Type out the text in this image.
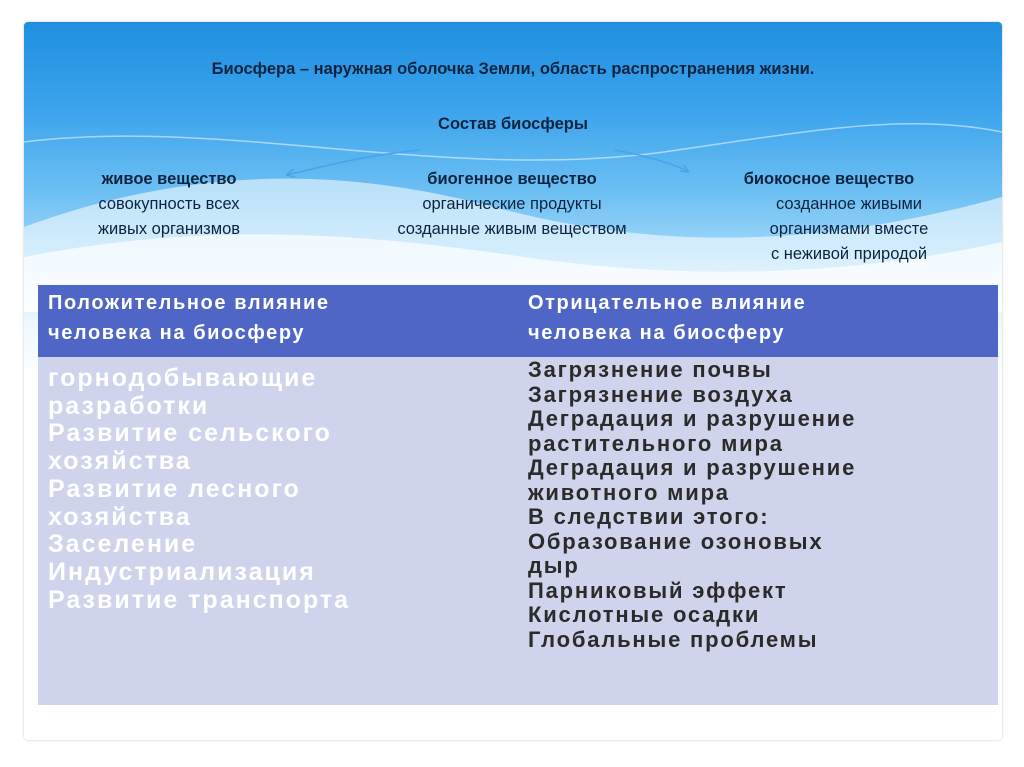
Биосфера – наружная оболочка Земли, область распространения жизни.
Состав биосферы
живое вещество
совокупность всех
живых организмов
биогенное вещество
органические продукты
созданные живым веществом
биокосное вещество
созданное живыми
организмами вместе
с неживой природой
Положительное влияние
человека на биосферу
Отрицательное влияние
человека на биосферу
горнодобывающие
разработки
Развитие сельского
хозяйства
Развитие лесного
хозяйства
Заселение
Индустриализация
Развитие транспорта
Загрязнение почвы
Загрязнение воздуха
Деградация и разрушение
растительного мира
Деградация и разрушение
животного мира
В следствии этого:
Образование озоновых
дыр
Парниковый эффект
Кислотные осадки
Глобальные проблемы
